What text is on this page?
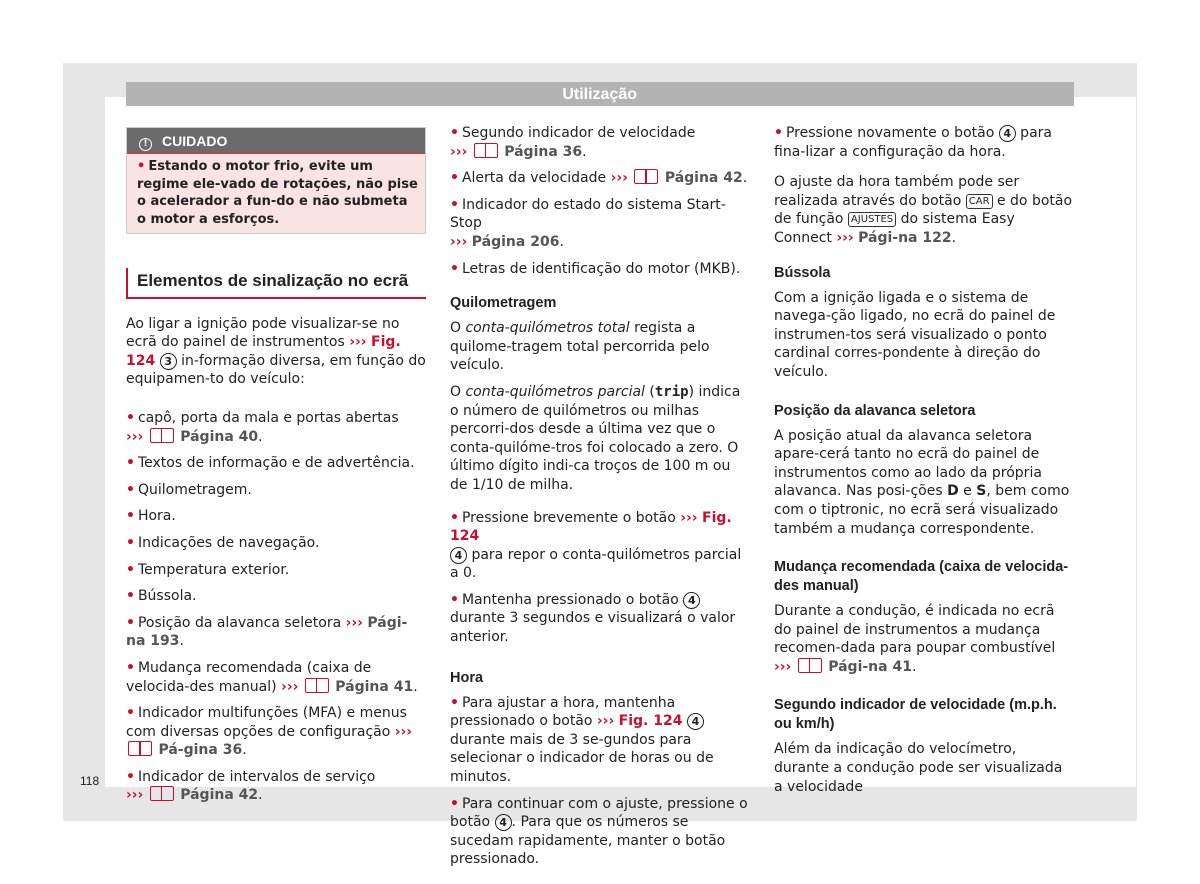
Utilização
! CUIDADO
• Estando o motor frio, evite um regime ele-vado de rotações, não pise o acelerador a fun-do e não submeta o motor a esforços.
Elementos de sinalização no ecrã

Ao ligar a ignição pode visualizar-se no ecrã do painel de instrumentos ››› Fig. 124 3 in-formação diversa, em função do equipamen-to do veículo:

• capô, porta da mala e portas abertas
›››	Página 40.

• Textos de informação e de advertência.

• Quilometragem.

• Hora.

• Indicações de navegação.

• Temperatura exterior.

• Bússola.

• Posição da alavanca seletora ››› Pági-na 193.

• Mudança recomendada (caixa de velocida-des manual) ›››	Página 41.

• Indicador multifunções (MFA) e menus com diversas opções de configuração ›››  Pá-gina 36.

• Indicador de intervalos de serviço
›››	Página 42.

• Segundo indicador de velocidade
›››	Página 36.

• Alerta da velocidade ›››	Página 42.

• Indicador do estado do sistema Start-Stop
››› Página 206.

• Letras de identificação do motor (MKB).

Quilometragem

O conta-quilómetros total regista a quilome-tragem total percorrida pelo veículo.

O conta-quilómetros parcial (trip) indica o número de quilómetros ou milhas percorri-dos desde a última vez que o conta-quilóme-tros foi colocado a zero. O último dígito indi-ca troços de 100 m ou de 1/10 de milha.

• Pressione brevemente o botão ››› Fig. 124
4 para repor o conta-quilómetros parcial a 0.

• Mantenha pressionado o botão 4 durante 3 segundos e visualizará o valor anterior.

Hora

• Para ajustar a hora, mantenha pressionado o botão ››› Fig. 124 4 durante mais de 3 se-gundos para selecionar o indicador de horas ou de minutos.

• Para continuar com o ajuste, pressione o botão 4 . Para que os números se sucedam rapidamente, manter o botão pressionado.

• Pressione novamente o botão 4 para fina-lizar a configuração da hora.

O ajuste da hora também pode ser realizada através do botão CAR e do botão de função AJUSTES do sistema Easy Connect ››› Pági-na 122.

Bússola

Com a ignição ligada e o sistema de navega-ção ligado, no ecrã do painel de instrumen-tos será visualizado o ponto cardinal corres-pondente à direção do veículo.

Posição da alavanca seletora

A posição atual da alavanca seletora apare-cerá tanto no ecrã do painel de instrumentos como ao lado da própria alavanca. Nas posi-ções D e S, bem como com o tiptronic, no ecrã será visualizado também a mudança correspondente.

Mudança recomendada (caixa de velocida-des manual)

Durante a condução, é indicada no ecrã do painel de instrumentos a mudança recomen-dada para poupar combustível ›››	Pági-na 41.

Segundo indicador de velocidade (m.p.h. ou km/h)

Além da indicação do velocímetro, durante a condução pode ser visualizada a velocidade

118
